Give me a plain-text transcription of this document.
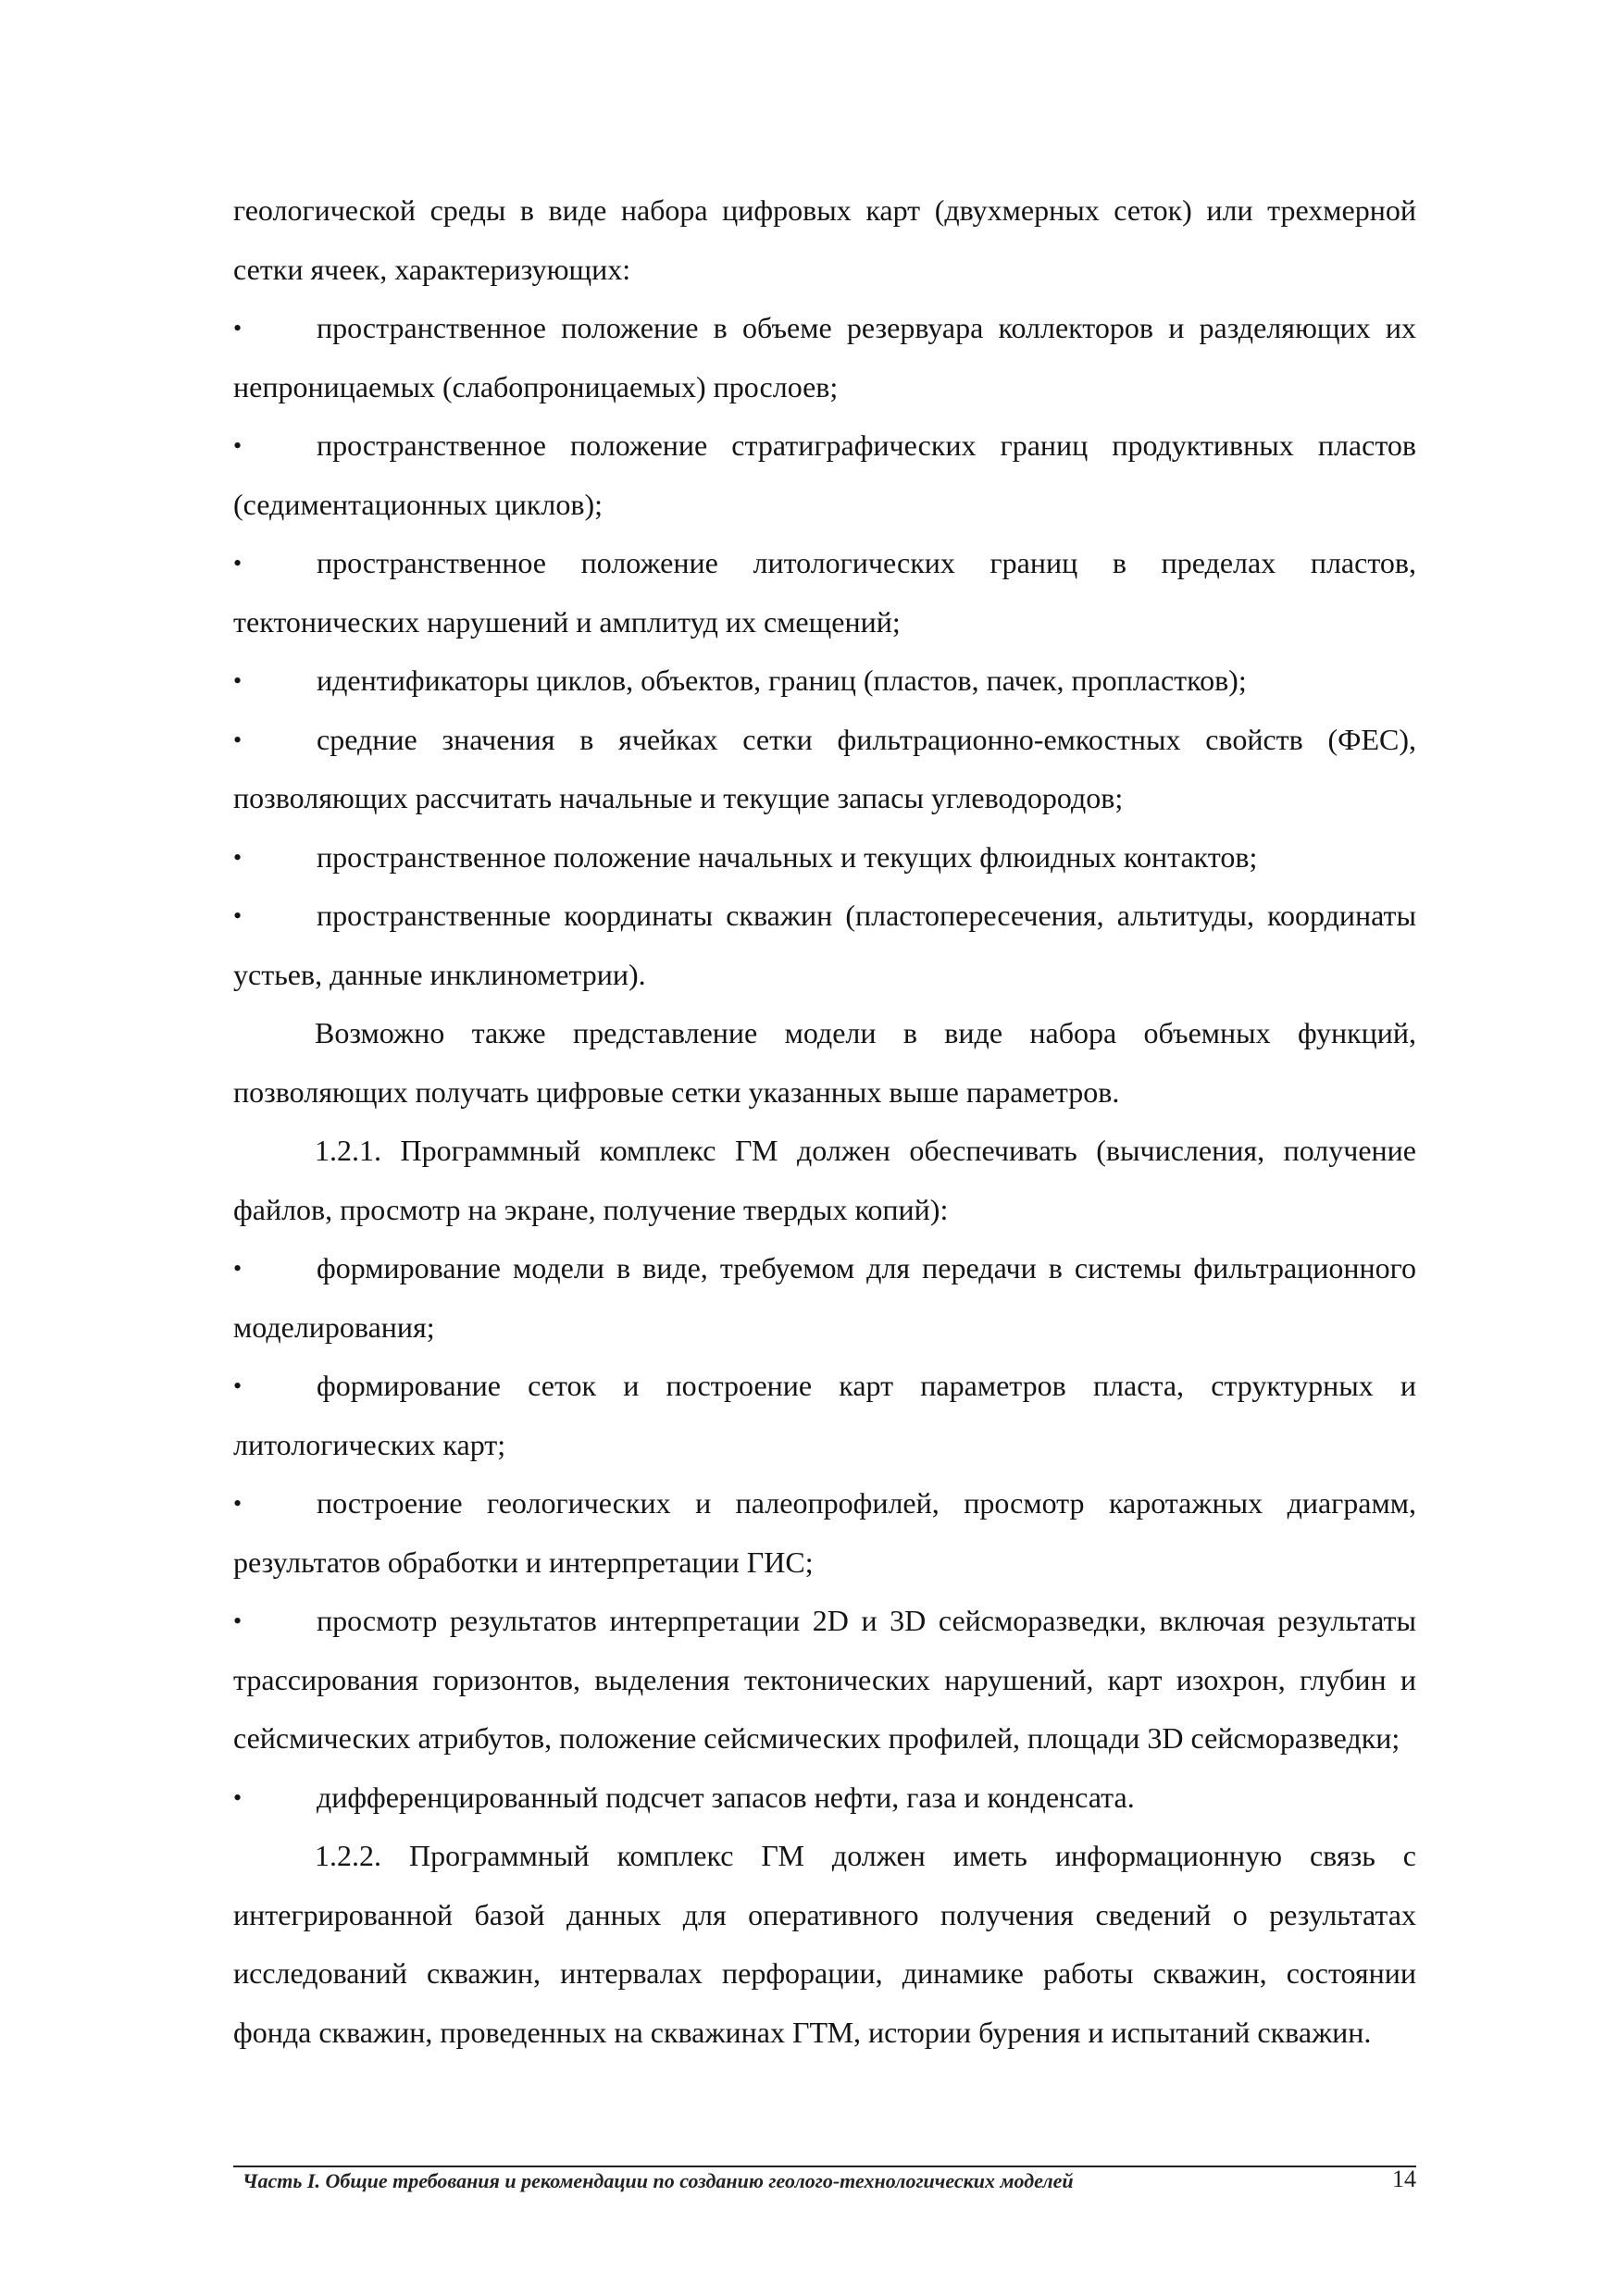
геологической среды в виде набора цифровых карт (двухмерных сеток) или трехмерной сетки ячеек, характеризующих:

•	пространственное положение в объеме резервуара коллекторов и разделяющих их непроницаемых (слабопроницаемых) прослоев;

•	пространственное положение стратиграфических границ продуктивных пластов (седиментационных циклов);

•	пространственное положение литологических границ в пределах пластов, тектонических нарушений и амплитуд их смещений;

•	идентификаторы циклов, объектов, границ (пластов, пачек, пропластков);

•	средние значения в ячейках сетки фильтрационно-емкостных свойств (ФЕС), позволяющих рассчитать начальные и текущие запасы углеводородов;

•	пространственное положение начальных и текущих флюидных контактов;

•	пространственные координаты скважин (пластопересечения, альтитуды, координаты устьев, данные инклинометрии).

Возможно также представление модели в виде набора объемных функций, позволяющих получать цифровые сетки указанных выше параметров.

1.2.1. Программный комплекс ГМ должен обеспечивать (вычисления, получение файлов, просмотр на экране, получение твердых копий):

•	формирование модели в виде, требуемом для передачи в системы фильтрационного моделирования;

•	формирование сеток и построение карт параметров пласта, структурных и литологических карт;

•	построение геологических и палеопрофилей, просмотр каротажных диаграмм, результатов обработки и интерпретации ГИС;

•	просмотр результатов интерпретации 2D и 3D сейсморазведки, включая результаты трассирования горизонтов, выделения тектонических нарушений, карт изохрон, глубин и сейсмических атрибутов, положение сейсмических профилей, площади 3D сейсморазведки;

•	дифференцированный подсчет запасов нефти, газа и конденсата.

1.2.2. Программный комплекс ГМ должен иметь информационную связь с интегрированной базой данных для оперативного получения сведений о результатах исследований скважин, интервалах перфорации, динамике работы скважин, состоянии фонда скважин, проведенных на скважинах ГТМ, истории бурения и испытаний скважин.

Часть I. Общие требования и рекомендации по созданию геолого-технологических моделей	14
